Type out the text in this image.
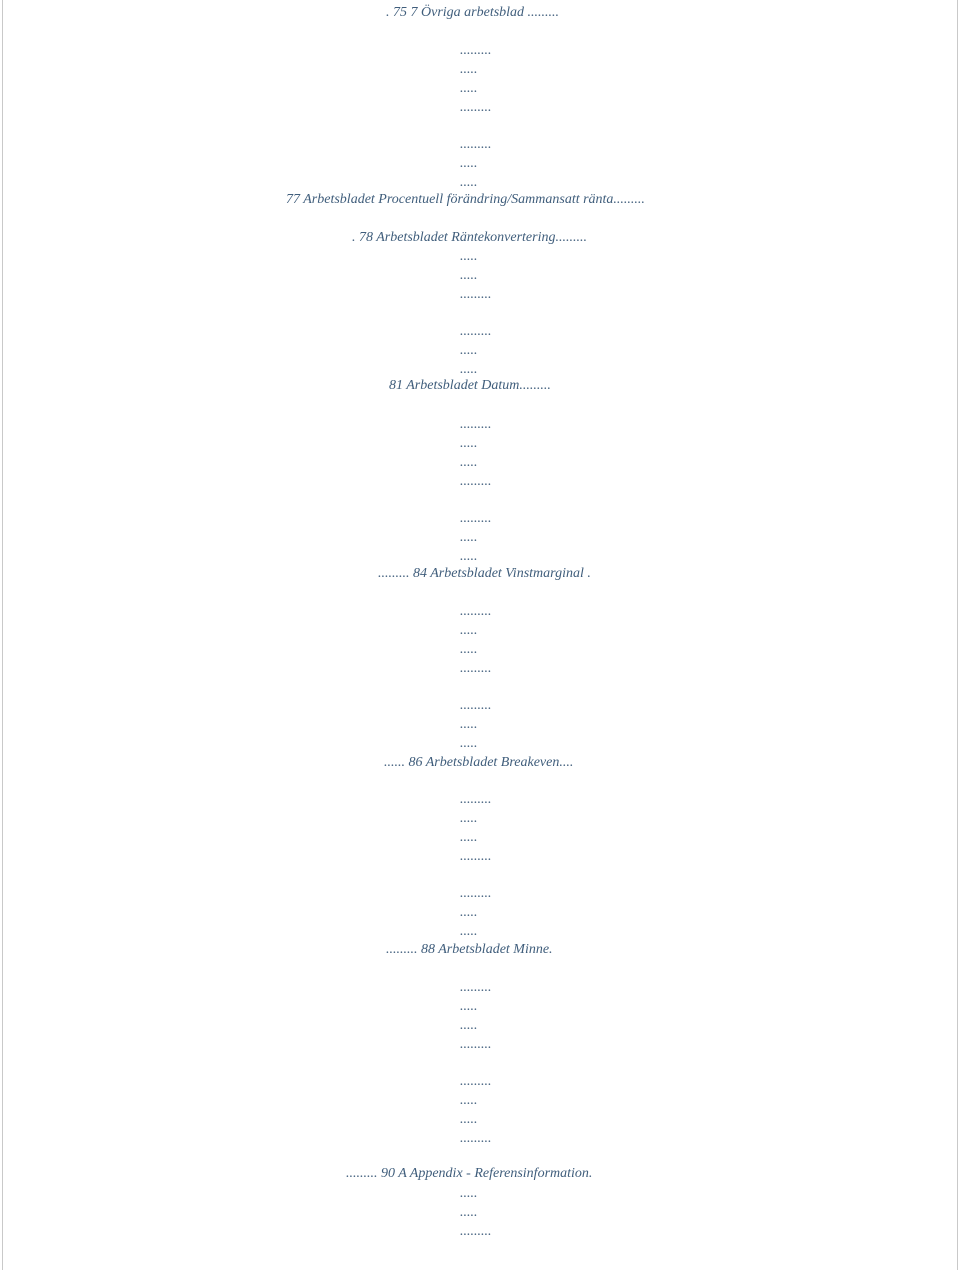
. 75 7 Övriga arbetsblad .........
.........
.....
.....
.........
.........
.....
.....
77 Arbetsbladet Procentuell förändring/Sammansatt ränta.........
. 78 Arbetsbladet Räntekonvertering.........
.....
.....
.........
.........
.....
.....
81 Arbetsbladet Datum.........
.........
.....
.....
.........
.........
.....
.....
......... 84 Arbetsbladet Vinstmarginal .
.........
.....
.....
.........
.........
.....
.....
...... 86 Arbetsbladet Breakeven....
.........
.....
.....
.........
.........
.....
.....
......... 88 Arbetsbladet Minne.
.........
.....
.....
.........
.........
.....
.....
.........
......... 90 A Appendix - Referensinformation.
.....
.....
.........
